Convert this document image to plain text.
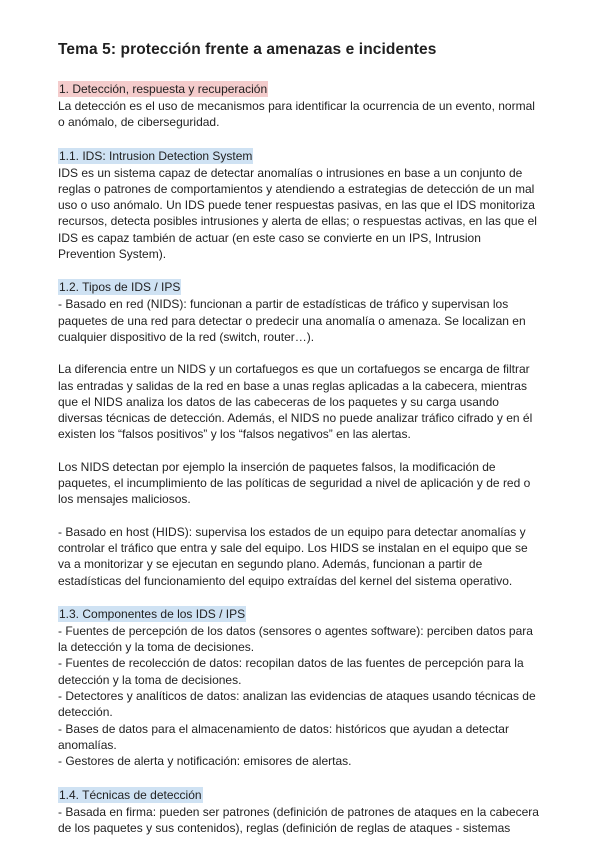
Tema 5: protección frente a amenazas e incidentes
1. Detección, respuesta y recuperación

La detección es el uso de mecanismos para identificar la ocurrencia de un evento, normal o anómalo, de ciberseguridad.

1.1. IDS: Intrusion Detection System

IDS es un sistema capaz de detectar anomalías o intrusiones en base a un conjunto de reglas o patrones de comportamientos y atendiendo a estrategias de detección de un mal uso o uso anómalo. Un IDS puede tener respuestas pasivas, en las que el IDS monitoriza recursos, detecta posibles intrusiones y alerta de ellas; o respuestas activas, en las que el IDS es capaz también de actuar (en este caso se convierte en un IPS, Intrusion Prevention System).

1.2. Tipos de IDS / IPS

- Basado en red (NIDS): funcionan a partir de estadísticas de tráfico y supervisan los paquetes de una red para detectar o predecir una anomalía o amenaza. Se localizan en cualquier dispositivo de la red (switch, router…).

La diferencia entre un NIDS y un cortafuegos es que un cortafuegos se encarga de filtrar las entradas y salidas de la red en base a unas reglas aplicadas a la cabecera, mientras que el NIDS analiza los datos de las cabeceras de los paquetes y su carga usando diversas técnicas de detección. Además, el NIDS no puede analizar tráfico cifrado y en él existen los “falsos positivos” y los “falsos negativos” en las alertas.

Los NIDS detectan por ejemplo la inserción de paquetes falsos, la modificación de paquetes, el incumplimiento de las políticas de seguridad a nivel de aplicación y de red o los mensajes maliciosos.

- Basado en host (HIDS): supervisa los estados de un equipo para detectar anomalías y controlar el tráfico que entra y sale del equipo. Los HIDS se instalan en el equipo que se va a monitorizar y se ejecutan en segundo plano. Además, funcionan a partir de estadísticas del funcionamiento del equipo extraídas del kernel del sistema operativo.

1.3. Componentes de los IDS / IPS

- Fuentes de percepción de los datos (sensores o agentes software): perciben datos para la detección y la toma de decisiones.

- Fuentes de recolección de datos: recopilan datos de las fuentes de percepción para la detección y la toma de decisiones.

- Detectores y analíticos de datos: analizan las evidencias de ataques usando técnicas de detección.

- Bases de datos para el almacenamiento de datos: históricos que ayudan a detectar anomalías.

- Gestores de alerta y notificación: emisores de alertas.

1.4. Técnicas de detección

- Basada en firma: pueden ser patrones (definición de patrones de ataques en la cabecera de los paquetes y sus contenidos), reglas (definición de reglas de ataques - sistemas
